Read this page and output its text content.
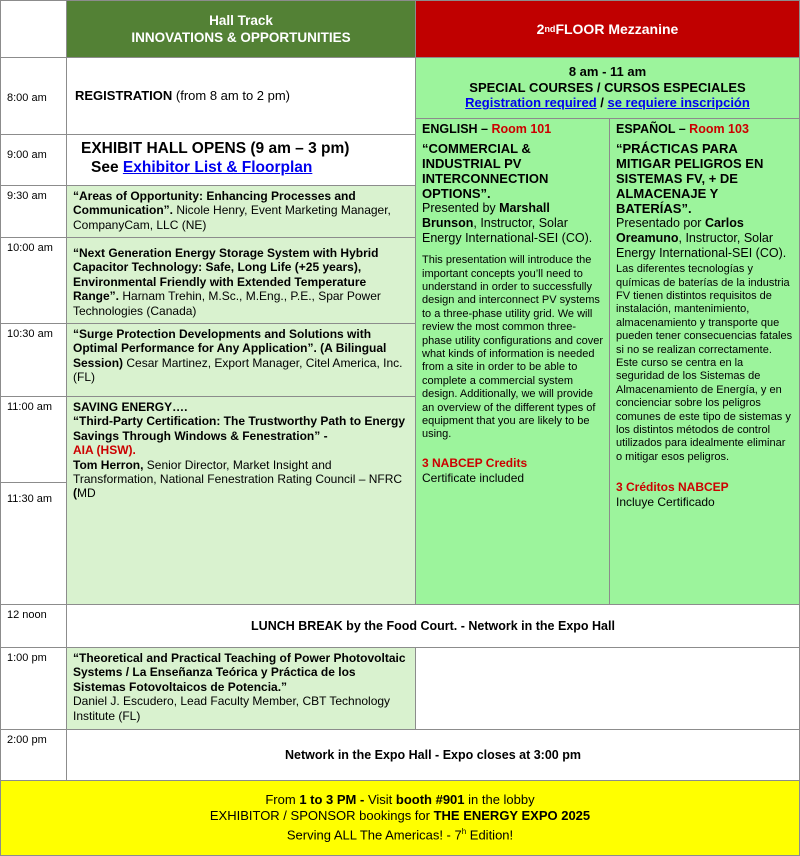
Hall Track
INNOVATIONS & OPPORTUNITIES
2 nd FLOOR Mezzanine
8:00 am
9:00 am
9:30 am
10:00 am
10:30 am
11:00 am
11:30 am
12 noon
1:00 pm
2:00 pm
REGISTRATION (from 8 am to 2 pm)
8 am - 11 am
SPECIAL COURSES / CURSOS ESPECIALES
Registration required / se requiere inscripción
EXHIBIT HALL OPENS (9 am – 3 pm)
See Exhibitor List & Floorplan
“Areas of Opportunity: Enhancing Processes and Communication”. Nicole Henry, Event Marketing Manager, CompanyCam, LLC (NE)
“Next Generation Energy Storage System with Hybrid Capacitor Technology: Safe, Long Life (+25 years), Environmental Friendly with Extended Temperature Range”. Harnam Trehin, M.Sc., M.Eng., P.E., Spar Power Technologies (Canada)
“Surge Protection Developments and Solutions with Optimal Performance for Any Application”. (A Bilingual Session) Cesar Martinez, Export Manager, Citel America, Inc. (FL)
SAVING ENERGY….
“Third-Party Certification: The Trustworthy Path to Energy Savings Through Windows & Fenestration” -
AIA (HSW).
Tom Herron, Senior Director, Market Insight and Transformation, National Fenestration Rating Council – NFRC (MD
ENGLISH – Room 101
“COMMERCIAL & INDUSTRIAL PV INTERCONNECTION OPTIONS”.
Presented by Marshall Brunson, Instructor, Solar Energy International-SEI (CO).
This presentation will introduce the important concepts you’ll need to understand in order to successfully design and interconnect PV systems to a three-phase utility grid. We will review the most common three-phase utility configurations and cover what kinds of information is needed from a site in order to be able to complete a commercial system design. Additionally, we will provide an overview of the different types of equipment that you are likely to be using.
3 NABCEP Credits
Certificate included
ESPAÑOL – Room 103
“PRÁCTICAS PARA MITIGAR PELIGROS EN SISTEMAS FV, + DE ALMACENAJE Y BATERÍAS”.
Presentado por Carlos Oreamuno, Instructor, Solar Energy International-SEI (CO).
Las diferentes tecnologías y químicas de baterías de la industria FV tienen distintos requisitos de instalación, mantenimiento, almacenamiento y transporte que pueden tener consecuencias fatales si no se realizan correctamente. Este curso se centra en la seguridad de los Sistemas de Almacenamiento de Energía, y en concienciar sobre los peligros comunes de este tipo de sistemas y los distintos métodos de control utilizados para idealmente eliminar o mitigar esos peligros.
3 Créditos NABCEP
Incluye Certificado
LUNCH BREAK by the Food Court. - Network in the Expo Hall
“Theoretical and Practical Teaching of Power Photovoltaic Systems / La Enseñanza Teórica y Práctica de los Sistemas Fotovoltaicos de Potencia.”
Daniel J. Escudero, Lead Faculty Member, CBT Technology Institute (FL)
Network in the Expo Hall - Expo closes at 3:00 pm
From 1 to 3 PM - Visit booth #901 in the lobby
EXHIBITOR / SPONSOR bookings for THE ENERGY EXPO 2025
Serving ALL The Americas! - 7$^h$ Edition!
